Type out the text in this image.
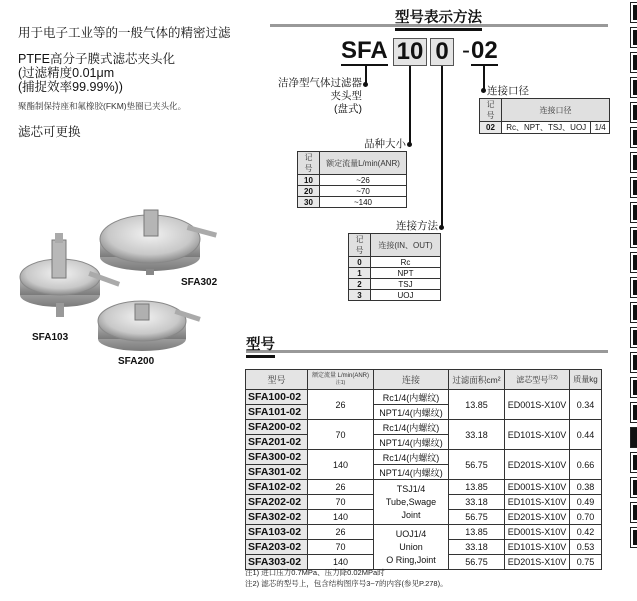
用于电子工业等的一般气体的精密过滤
PTFE高分子膜式滤芯夹头化
(过滤精度0.01μm
(捕捉效率99.99%))
聚酯制保持座和氟橡胶(FKM)垫圈已夹头化。
滤芯可更换
SFA302
SFA103
SFA200
型号表示方法
SFA 10 0 - 02
洁净型气体过滤器
夹头型
(盘式)
品种大小
记号	额定流量L/min(ANR)
10	~26
20	~70
30	~140
连接方法
记号	连接(IN、OUT)
0	Rc
1	NPT
2	TSJ
3	UOJ
连接口径
记号	连接口径	
02	Rc、NPT、TSJ、UOJ	1/4
型号
型号	额定流量 L/min(ANR)$^{注1)}$	连接	过滤面积cm²	滤芯型号$^{注2)}$	质量kg
SFA100-02	26	Rc1/4(内螺纹)	13.85	ED001S-X10V	0.34
SFA101-02		NPT1/4(内螺纹)			
SFA200-02	70	Rc1/4(内螺纹)	33.18	ED101S-X10V	0.44
SFA201-02		NPT1/4(内螺纹)			
SFA300-02	140	Rc1/4(内螺纹)	56.75	ED201S-X10V	0.66
SFA301-02		NPT1/4(内螺纹)			
SFA102-02	26	TSJ1/4
Tube,Swage
Joint	13.85	ED001S-X10V	0.38
SFA202-02	70		33.18	ED101S-X10V	0.49
SFA302-02	140		56.75	ED201S-X10V	0.70
SFA103-02	26	UOJ1/4
Union
O Ring,Joint	13.85	ED001S-X10V	0.42
SFA203-02	70		33.18	ED101S-X10V	0.53
SFA303-02	140		56.75	ED201S-X10V	0.75
注1) 进口压力0.7MPa、压力降0.02MPa时
注2) 滤芯的型号上，包含结构图序号3~7的内容(参见P.278)。
